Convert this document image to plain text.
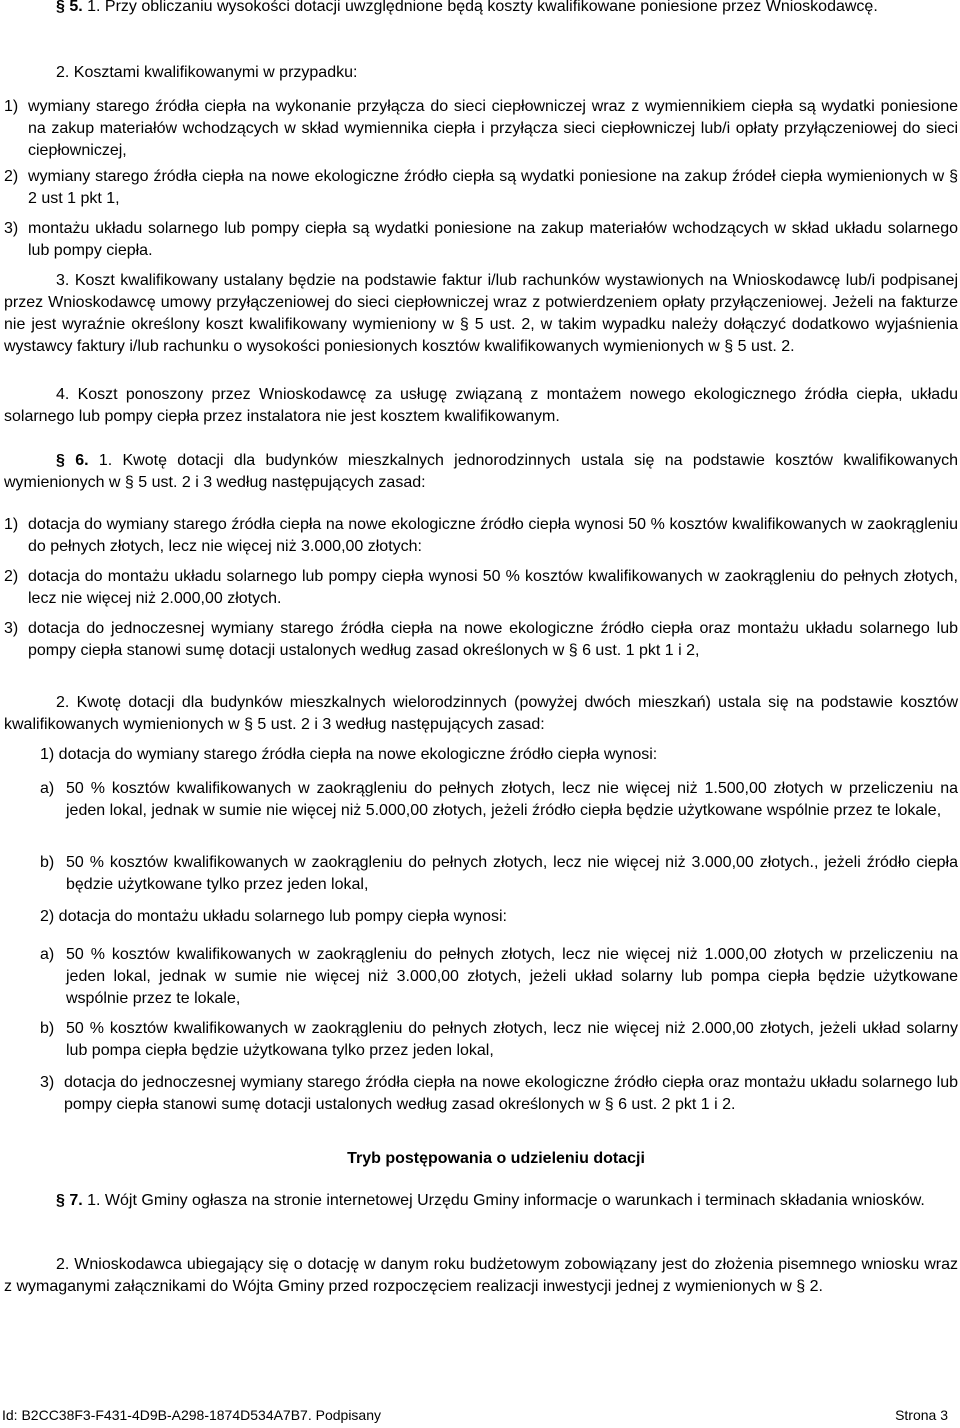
§ 5. 1. Przy obliczaniu wysokości dotacji uwzględnione będą koszty kwalifikowane poniesione przez Wnioskodawcę.

2. Kosztami kwalifikowanymi w przypadku:

1) wymiany starego źródła ciepła na wykonanie przyłącza do sieci ciepłowniczej wraz z wymiennikiem ciepła są wydatki poniesione na zakup materiałów wchodzących w skład wymiennika ciepła i przyłącza sieci ciepłowniczej lub/i opłaty przyłączeniowej do sieci ciepłowniczej,
2) wymiany starego źródła ciepła na nowe ekologiczne źródło ciepła są wydatki poniesione na zakup źródeł ciepła wymienionych w § 2 ust 1 pkt 1,
3) montażu układu solarnego lub pompy ciepła są wydatki poniesione na zakup materiałów wchodzących w skład układu solarnego lub pompy ciepła.

3. Koszt kwalifikowany ustalany będzie na podstawie faktur i/lub rachunków wystawionych na Wnioskodawcę lub/i podpisanej przez Wnioskodawcę umowy przyłączeniowej do sieci ciepłowniczej wraz z potwierdzeniem opłaty przyłączeniowej. Jeżeli na fakturze nie jest wyraźnie określony koszt kwalifikowany wymieniony w § 5 ust. 2, w takim wypadku należy dołączyć dodatkowo wyjaśnienia wystawcy faktury i/lub rachunku o wysokości poniesionych kosztów kwalifikowanych wymienionych w § 5 ust. 2.

4. Koszt ponoszony przez Wnioskodawcę za usługę związaną z montażem nowego ekologicznego źródła ciepła, układu solarnego lub pompy ciepła przez instalatora nie jest kosztem kwalifikowanym.

§ 6. 1. Kwotę dotacji dla budynków mieszkalnych jednorodzinnych ustala się na podstawie kosztów kwalifikowanych wymienionych w § 5 ust. 2 i 3 według następujących zasad:

1) dotacja do wymiany starego źródła ciepła na nowe ekologiczne źródło ciepła wynosi 50 % kosztów kwalifikowanych w zaokrągleniu do pełnych złotych, lecz nie więcej niż 3.000,00 złotych:
2) dotacja do montażu układu solarnego lub pompy ciepła wynosi 50 % kosztów kwalifikowanych w zaokrągleniu do pełnych złotych, lecz nie więcej niż 2.000,00 złotych.
3) dotacja do jednoczesnej wymiany starego źródła ciepła na nowe ekologiczne źródło ciepła oraz montażu układu solarnego lub pompy ciepła stanowi sumę dotacji ustalonych według zasad określonych w § 6 ust. 1 pkt 1 i 2,

2. Kwotę dotacji dla budynków mieszkalnych wielorodzinnych (powyżej dwóch mieszkań) ustala się na podstawie kosztów kwalifikowanych wymienionych w § 5 ust. 2 i 3 według następujących zasad:

1) dotacja do wymiany starego źródła ciepła na nowe ekologiczne źródło ciepła wynosi:

a) 50 % kosztów kwalifikowanych w zaokrągleniu do pełnych złotych, lecz nie więcej niż 1.500,00 złotych w przeliczeniu na jeden lokal, jednak w sumie nie więcej niż 5.000,00 złotych, jeżeli źródło ciepła będzie użytkowane wspólnie przez te lokale,
b) 50 % kosztów kwalifikowanych w zaokrągleniu do pełnych złotych, lecz nie więcej niż 3.000,00 złotych., jeżeli źródło ciepła będzie użytkowane tylko przez jeden lokal,

2) dotacja do montażu układu solarnego lub pompy ciepła wynosi:

a) 50 % kosztów kwalifikowanych w zaokrągleniu do pełnych złotych, lecz nie więcej niż 1.000,00 złotych w przeliczeniu na jeden lokal, jednak w sumie nie więcej niż 3.000,00 złotych, jeżeli układ solarny lub pompa ciepła będzie użytkowane wspólnie przez te lokale,
b) 50 % kosztów kwalifikowanych w zaokrągleniu do pełnych złotych, lecz nie więcej niż 2.000,00 złotych, jeżeli układ solarny lub pompa ciepła będzie użytkowana tylko przez jeden lokal,
3) dotacja do jednoczesnej wymiany starego źródła ciepła na nowe ekologiczne źródło ciepła oraz montażu układu solarnego lub pompy ciepła stanowi sumę dotacji ustalonych według zasad określonych w § 6 ust. 2 pkt 1 i 2.
Tryb postępowania o udzieleniu dotacji

§ 7. 1. Wójt Gminy ogłasza na stronie internetowej Urzędu Gminy informacje o warunkach i terminach składania wniosków.

2. Wnioskodawca ubiegający się o dotację w danym roku budżetowym zobowiązany jest do złożenia pisemnego wniosku wraz z wymaganymi załącznikami do Wójta Gminy przed rozpoczęciem realizacji inwestycji jednej z wymienionych w § 2.

Id: B2CC38F3-F431-4D9B-A298-1874D534A7B7. Podpisany	Strona 3
